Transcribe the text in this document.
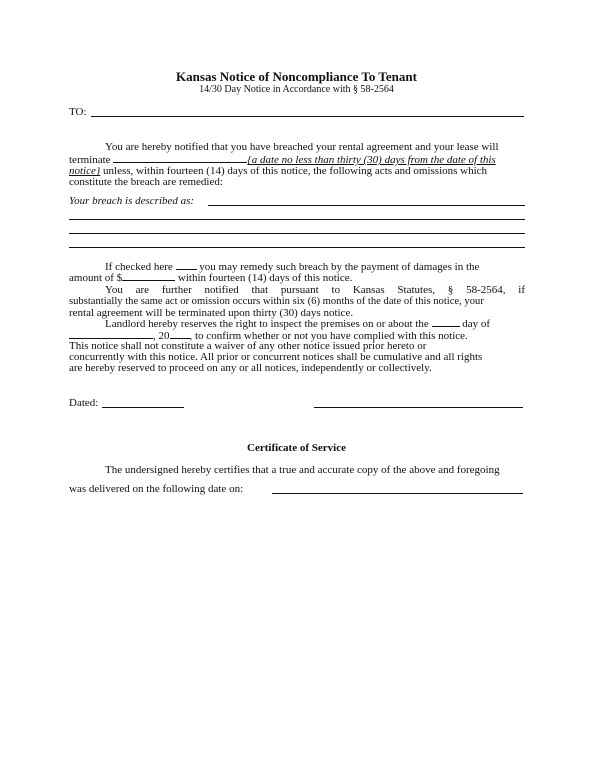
Kansas Notice of Noncompliance To Tenant
14/30 Day Notice in Accordance with § 58-2564
TO:
You are hereby notified that you have breached your rental agreement and your lease will
terminate	{a date no less than thirty (30) days from the date of this
notice} unless, within fourteen (14) days of this notice, the following acts and omissions which
constitute the breach are remedied:
Your breach is described as:
If checked here you may remedy such breach by the payment of damages in the
amount of $	within fourteen (14) days of this notice.
You are further notified that pursuant to Kansas Statutes, § 58-2564, if
substantially the same act or omission occurs within six (6) months of the date of this notice, your
rental agreement will be terminated upon thirty (30) days notice.
Landlord hereby reserves the right to inspect the premises on or about the	day of
, 20 , to confirm whether or not you have complied with this notice.
This notice shall not constitute a waiver of any other notice issued prior hereto or
concurrently with this notice. All prior or concurrent notices shall be cumulative and all rights
are hereby reserved to proceed on any or all notices, independently or collectively.
Dated:
Certificate of Service
The undersigned hereby certifies that a true and accurate copy of the above and foregoing
was delivered on the following date on:
